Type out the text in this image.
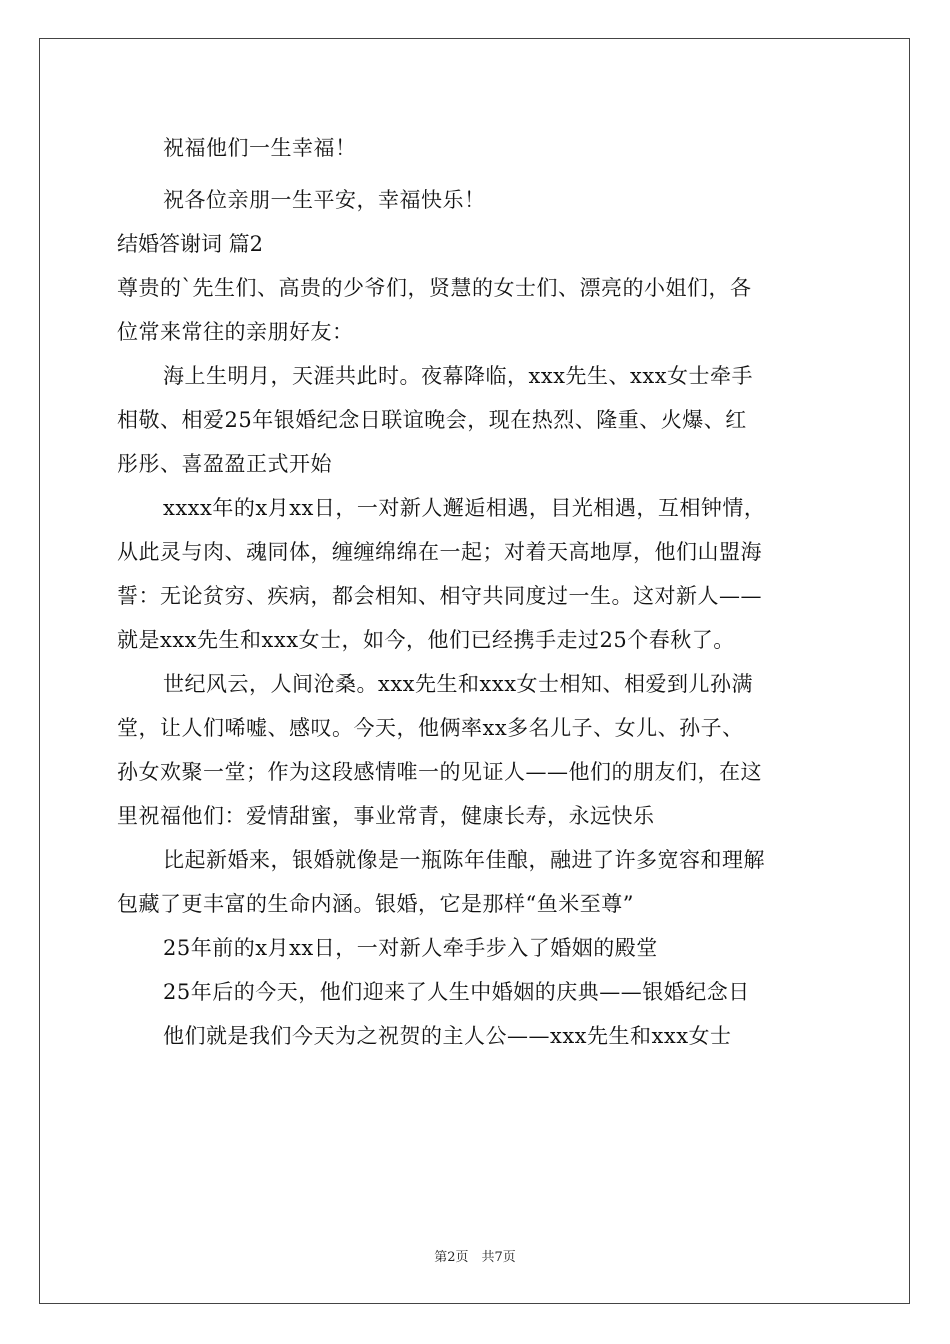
祝福他们一生幸福！
祝各位亲朋一生平安，幸福快乐！
结婚答谢词 篇2
尊贵的`先生们、高贵的少爷们，贤慧的女士们、漂亮的小姐们，各
位常来常往的亲朋好友：
海上生明月，天涯共此时。夜幕降临，xxx先生、xxx女士牵手
相敬、相爱25年银婚纪念日联谊晚会，现在热烈、隆重、火爆、红
彤彤、喜盈盈正式开始
xxxx年的x月xx日，一对新人邂逅相遇，目光相遇，互相钟情，
从此灵与肉、魂同体，缠缠绵绵在一起；对着天高地厚，他们山盟海
誓：无论贫穷、疾病，都会相知、相守共同度过一生。这对新人——
就是xxx先生和xxx女士，如今，他们已经携手走过25个春秋了。
世纪风云，人间沧桑。xxx先生和xxx女士相知、相爱到儿孙满
堂，让人们唏嘘、感叹。今天，他俩率xx多名儿子、女儿、孙子、
孙女欢聚一堂；作为这段感情唯一的见证人——他们的朋友们，在这
里祝福他们：爱情甜蜜，事业常青，健康长寿，永远快乐
比起新婚来，银婚就像是一瓶陈年佳酿，融进了许多宽容和理解
包藏了更丰富的生命内涵。银婚，它是那样“鱼米至尊”
25年前的x月xx日，一对新人牵手步入了婚姻的殿堂
25年后的今天，他们迎来了人生中婚姻的庆典——银婚纪念日
他们就是我们今天为之祝贺的主人公——xxx先生和xxx女士
第2页　共7页
